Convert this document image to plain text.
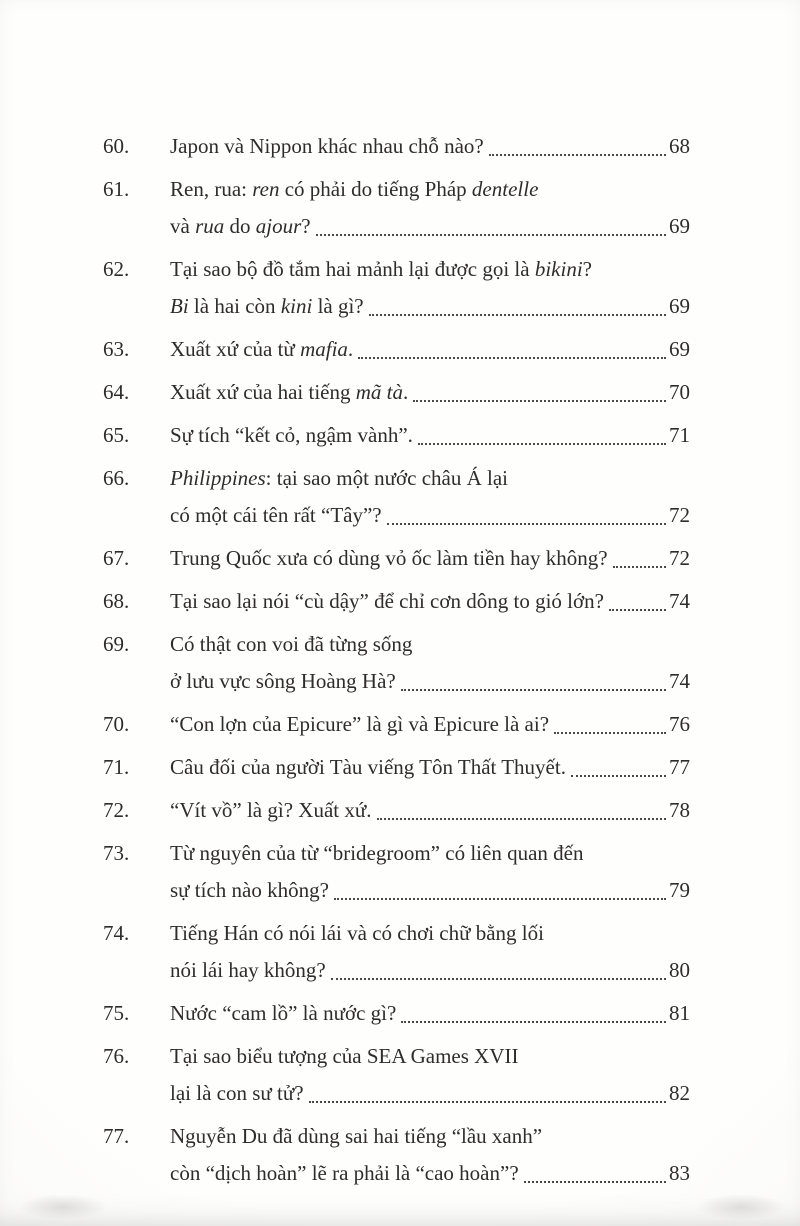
60.	Japon và Nippon khác nhau chỗ nào?	68
61.	Ren, rua: ren có phải do tiếng Pháp dentelle
và rua do ajour?	69
62.	Tại sao bộ đồ tắm hai mảnh lại được gọi là bikini?
Bi là hai còn kini là gì?	69
63.	Xuất xứ của từ mafia.	69
64.	Xuất xứ của hai tiếng mã tà.	70
65.	Sự tích “kết cỏ, ngậm vành”.	71
66.	Philippines: tại sao một nước châu Á lại
có một cái tên rất “Tây”?	72
67.	Trung Quốc xưa có dùng vỏ ốc làm tiền hay không?	72
68.	Tại sao lại nói “cù dậy” để chỉ cơn dông to gió lớn?	74
69.	Có thật con voi đã từng sống
ở lưu vực sông Hoàng Hà?	74
70.	“Con lợn của Epicure” là gì và Epicure là ai?	76
71.	Câu đối của người Tàu viếng Tôn Thất Thuyết.	77
72.	“Vít vồ” là gì? Xuất xứ.	78
73.	Từ nguyên của từ “bridegroom” có liên quan đến
sự tích nào không?	79
74.	Tiếng Hán có nói lái và có chơi chữ bằng lối
nói lái hay không?	80
75.	Nước “cam lồ” là nước gì?	81
76.	Tại sao biểu tượng của SEA Games XVII
lại là con sư tử?	82
77.	Nguyễn Du đã dùng sai hai tiếng “lầu xanh”
còn “dịch hoàn” lẽ ra phải là “cao hoàn”?	83
